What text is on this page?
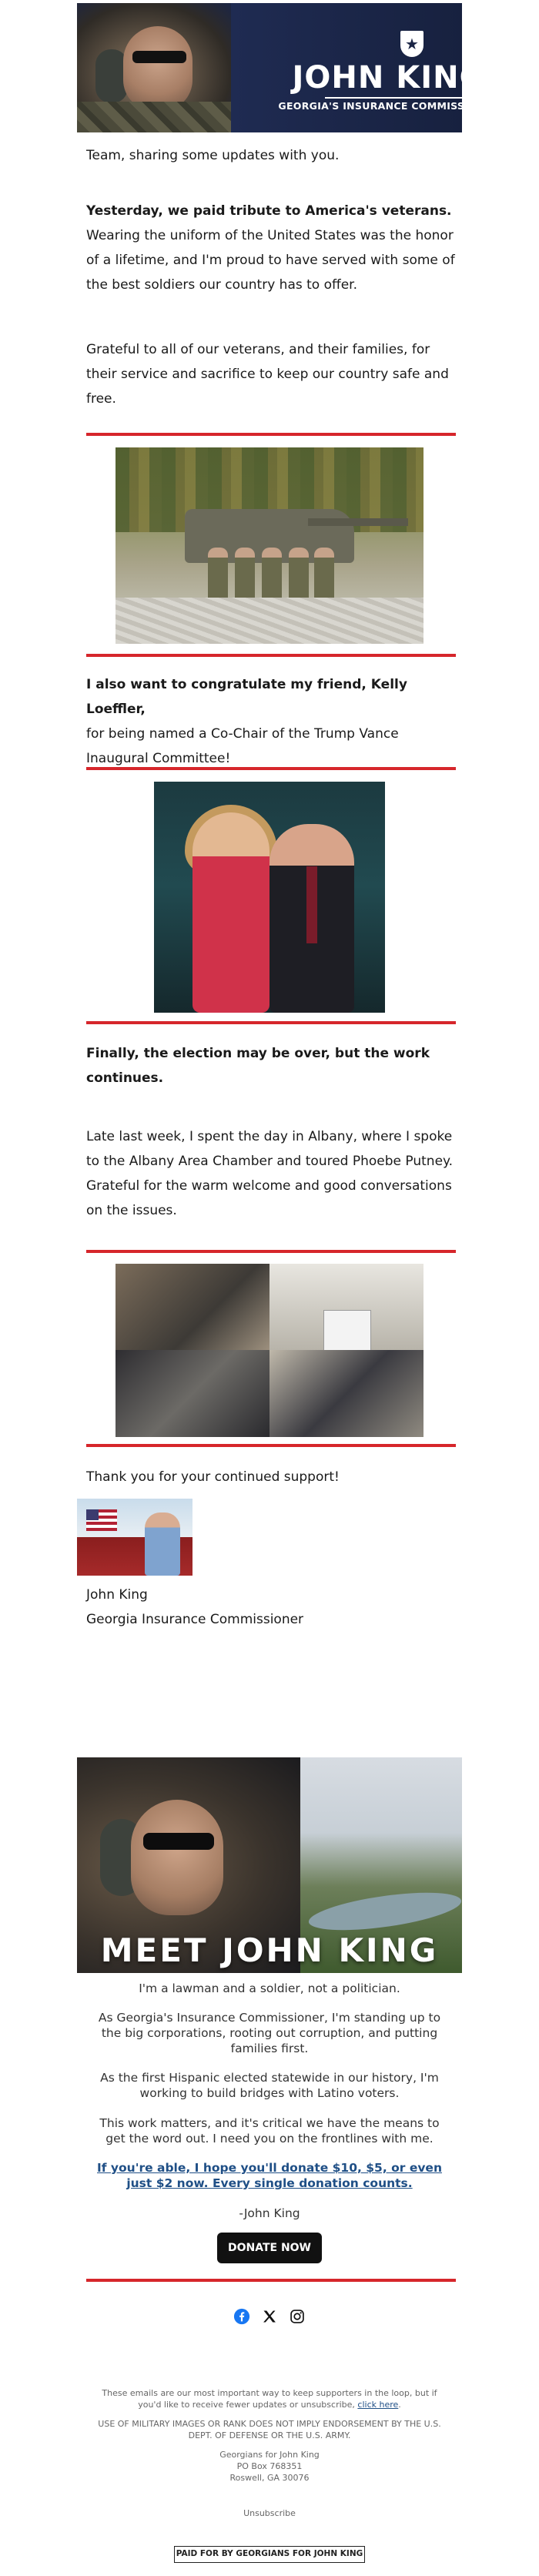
★
JOHN KING
GEORGIA'S INSURANCE COMMISSIONER

Team, sharing some updates with you.

Yesterday, we paid tribute to America's veterans.
Wearing the uniform of the United States was the honor of a lifetime, and I'm proud to have served with some of the best soldiers our country has to offer.

Grateful to all of our veterans, and their families, for their service and sacrifice to keep our country safe and free.

I also want to congratulate my friend, Kelly Loeffler,
for being named a Co-Chair of the Trump Vance Inaugural Committee!

Finally, the election may be over, but the work continues.

Late last week, I spent the day in Albany, where I spoke to the Albany Area Chamber and toured Phoebe Putney. Grateful for the warm welcome and good conversations on the issues.

Thank you for your continued support!

John King
Georgia Insurance Commissioner

MEET JOHN KING

I'm a lawman and a soldier, not a politician.

As Georgia's Insurance Commissioner, I'm standing up to the big corporations, rooting out corruption, and putting families first.

As the first Hispanic elected statewide in our history, I'm working to build bridges with Latino voters.

This work matters, and it's critical we have the means to get the word out. I need you on the frontlines with me.

If you're able, I hope you'll donate $10, $5, or even just $2 now. Every single donation counts.

-John King

DONATE NOW

These emails are our most important way to keep supporters in the loop, but if you'd like to receive fewer updates or unsubscribe, click here.

USE OF MILITARY IMAGES OR RANK DOES NOT IMPLY ENDORSEMENT BY THE U.S. DEPT. OF DEFENSE OR THE U.S. ARMY.

Georgians for John King
PO Box 768351
Roswell, GA 30076

Unsubscribe

PAID FOR BY GEORGIANS FOR JOHN KING
